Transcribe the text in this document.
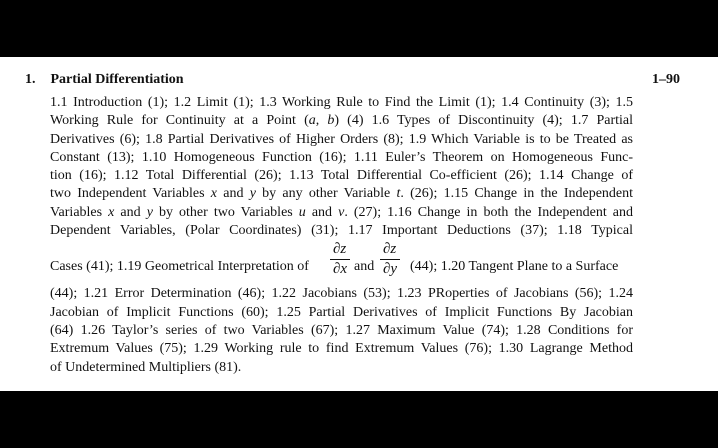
1. Partial Differentiation	1–90
1.1 Introduction (1); 1.2 Limit (1); 1.3 Working Rule to Find the Limit (1); 1.4 Continuity (3); 1.5
Working Rule for Continuity at a Point (a, b) (4) 1.6 Types of Discontinuity (4); 1.7 Partial
Derivatives (6); 1.8 Partial Derivatives of Higher Orders (8); 1.9 Which Variable is to be Treated as
Constant (13); 1.10 Homogeneous Function (16); 1.11 Euler’s Theorem on Homogeneous Func-
tion (16); 1.12 Total Differential (26); 1.13 Total Differential Co-efficient (26); 1.14 Change of
two Independent Variables x and y by any other Variable t. (26); 1.15 Change in the Independent
Variables x and y by other two Variables u and v. (27); 1.16 Change in both the Independent and
Dependent Variables, (Polar Coordinates) (31); 1.17 Important Deductions (37); 1.18 Typical
Cases (41); 1.19 Geometrical Interpretation of
∂z
∂x and
∂z
∂y (44); 1.20 Tangent Plane to a Surface
(44); 1.21 Error Determination (46); 1.22 Jacobians (53); 1.23 PRoperties of Jacobians (56); 1.24
Jacobian of Implicit Functions (60); 1.25 Partial Derivatives of Implicit Functions By Jacobian
(64) 1.26 Taylor’s series of two Variables (67); 1.27 Maximum Value (74); 1.28 Conditions for
Extremum Values (75); 1.29 Working rule to find Extremum Values (76); 1.30 Lagrange Method
of Undetermined Multipliers (81).
